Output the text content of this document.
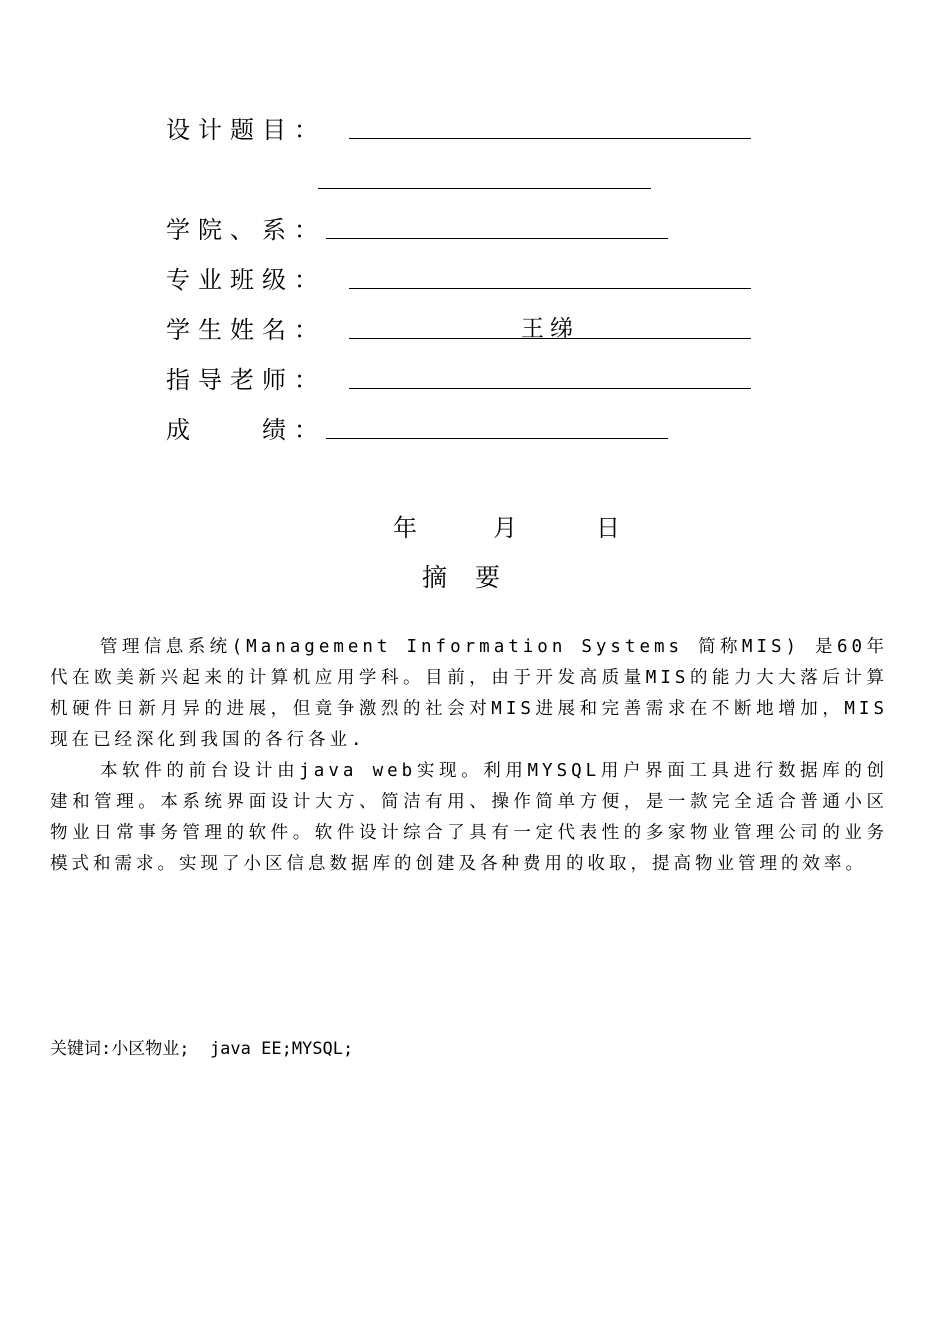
设计题目：
学院、系：
专业班级：
学生姓名：	王绨
指导老师：
成　　绩：
年	月	日
摘要

管理信息系统(Management Information Systems 简称MIS) 是60年代在欧美新兴起来的计算机应用学科。目前，由于开发高质量MIS的能力大大落后计算机硬件日新月异的进展，但竟争激烈的社会对MIS进展和完善需求在不断地增加，MIS现在已经深化到我国的各行各业.

本软件的前台设计由java web实现。利用MYSQL用户界面工具进行数据库的创建和管理。本系统界面设计大方、简洁有用、操作简单方便，是一款完全适合普通小区物业日常事务管理的软件。软件设计综合了具有一定代表性的多家物业管理公司的业务模式和需求。实现了小区信息数据库的创建及各种费用的收取，提高物业管理的效率。

关键词:小区物业;  java EE;MYSQL;
